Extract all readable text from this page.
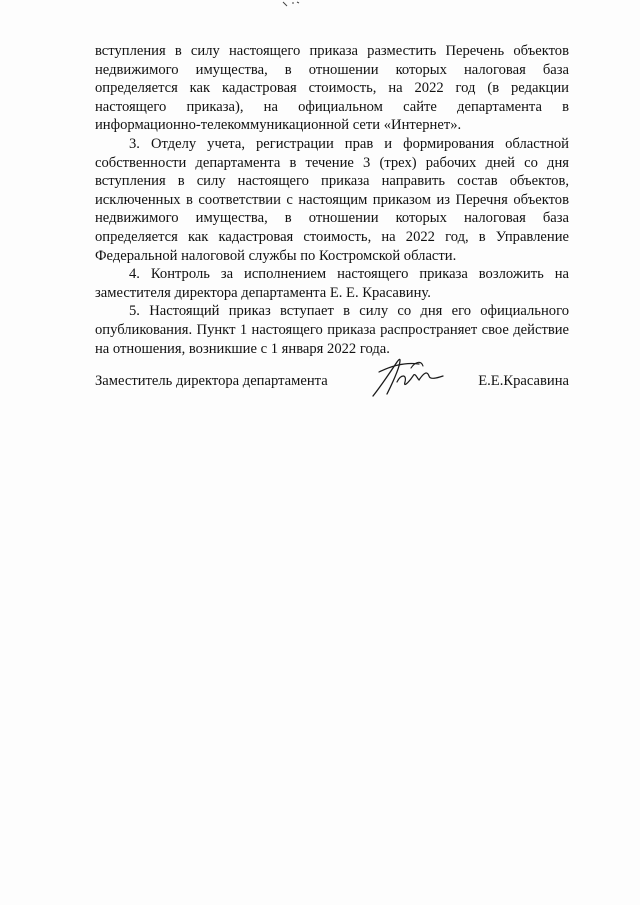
вступления в силу настоящего приказа разместить Перечень объектов недвижимого имущества, в отношении которых налоговая база определяется как кадастровая стоимость, на 2022 год (в редакции настоящего приказа), на официальном сайте департамента в информационно-телекоммуникационной сети «Интернет».

3. Отделу учета, регистрации прав и формирования областной собственности департамента в течение 3 (трех) рабочих дней со дня вступления в силу настоящего приказа направить состав объектов, исключенных в соответствии с настоящим приказом из Перечня объектов недвижимого имущества, в отношении которых налоговая база определяется как кадастровая стоимость, на 2022 год, в Управление Федеральной налоговой службы по Костромской области.

4. Контроль за исполнением настоящего приказа возложить на заместителя директора департамента Е. Е. Красавину.

5. Настоящий приказ вступает в силу со дня его официального опубликования. Пункт 1 настоящего приказа распространяет свое действие на отношения, возникшие с 1 января 2022 года.

Заместитель директора департамента	Е.Е.Красавина
